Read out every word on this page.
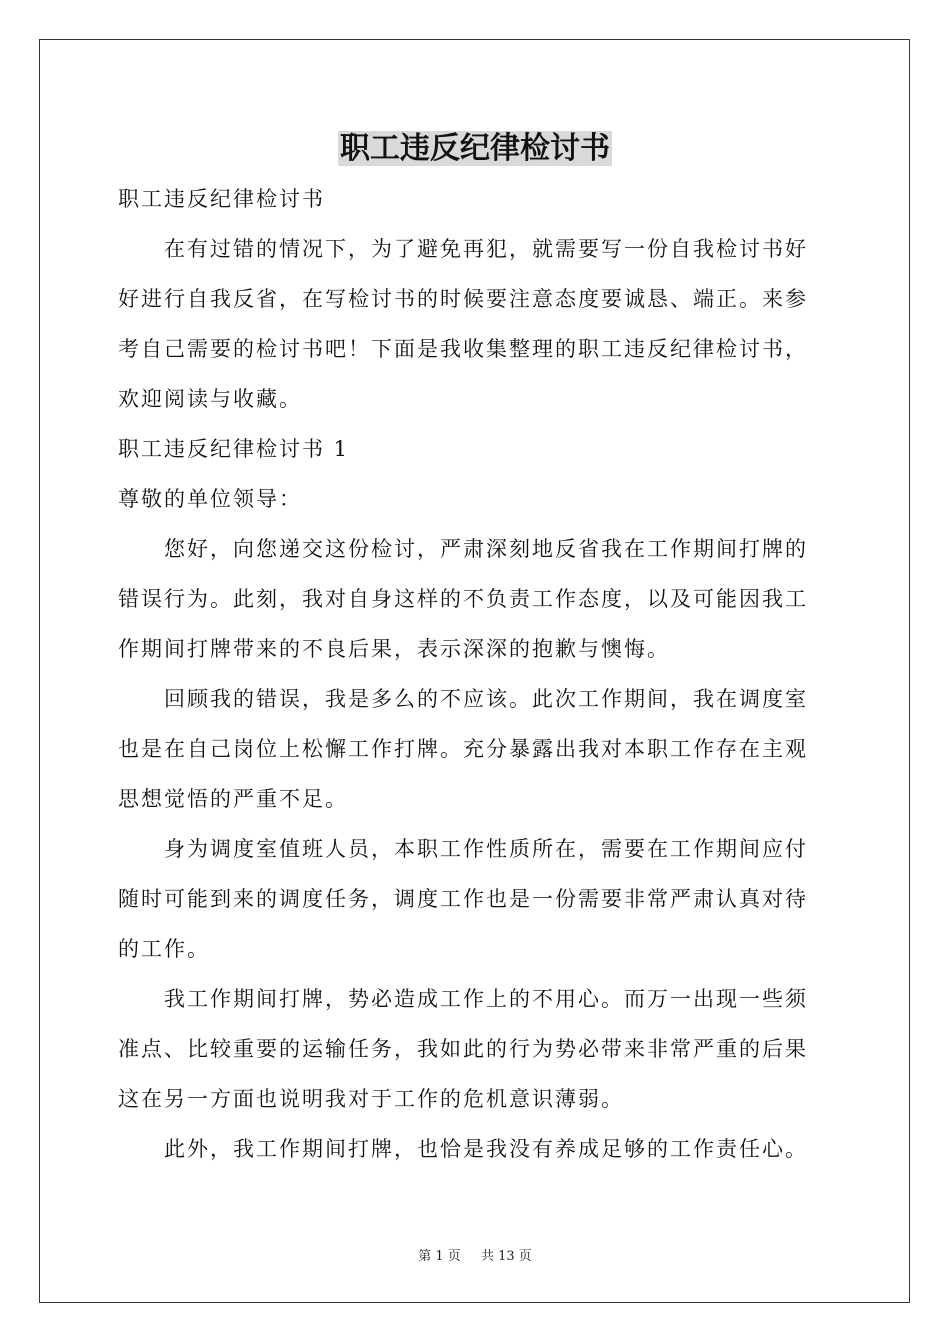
职工违反纪律检讨书

职工违反纪律检讨书

在有过错的情况下，为了避免再犯，就需要写一份自我检讨书好

好进行自我反省，在写检讨书的时候要注意态度要诚恳、端正。来参

考自己需要的检讨书吧！下面是我收集整理的职工违反纪律检讨书，

欢迎阅读与收藏。

职工违反纪律检讨书 1

尊敬的单位领导：

您好，向您递交这份检讨，严肃深刻地反省我在工作期间打牌的

错误行为。此刻，我对自身这样的不负责工作态度，以及可能因我工

作期间打牌带来的不良后果，表示深深的抱歉与懊悔。

回顾我的错误，我是多么的不应该。此次工作期间，我在调度室

也是在自己岗位上松懈工作打牌。充分暴露出我对本职工作存在主观

思想觉悟的严重不足。

身为调度室值班人员，本职工作性质所在，需要在工作期间应付

随时可能到来的调度任务，调度工作也是一份需要非常严肃认真对待

的工作。

我工作期间打牌，势必造成工作上的不用心。而万一出现一些须

准点、比较重要的运输任务，我如此的行为势必带来非常严重的后果

这在另一方面也说明我对于工作的危机意识薄弱。

此外，我工作期间打牌，也恰是我没有养成足够的工作责任心。

第 1 页 共 13 页
